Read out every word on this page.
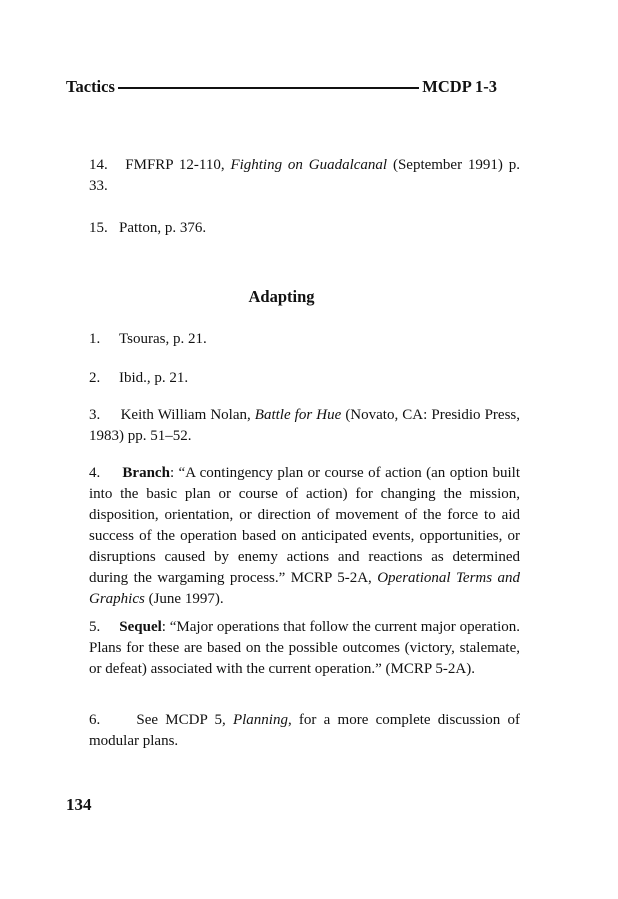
Tactics	MCDP 1-3

14. FMFRP 12-110, Fighting on Guadalcanal (September 1991) p. 33.

15. Patton, p. 376.

Adapting

1. Tsouras, p. 21.

2. Ibid., p. 21.

3. Keith William Nolan, Battle for Hue (Novato, CA: Presidio Press, 1983) pp. 51–52.

4. Branch: “A contingency plan or course of action (an option built into the basic plan or course of action) for changing the mission, disposition, orientation, or direction of movement of the force to aid success of the operation based on anticipated events, opportunities, or disruptions caused by enemy actions and reactions as determined during the wargaming process.” MCRP 5-2A, Operational Terms and Graphics (June 1997).

5. Sequel: “Major operations that follow the current major operation. Plans for these are based on the possible outcomes (victory, stalemate, or defeat) associated with the current operation.” (MCRP 5-2A).

6. See MCDP 5, Planning, for a more complete discussion of modular plans.

134
